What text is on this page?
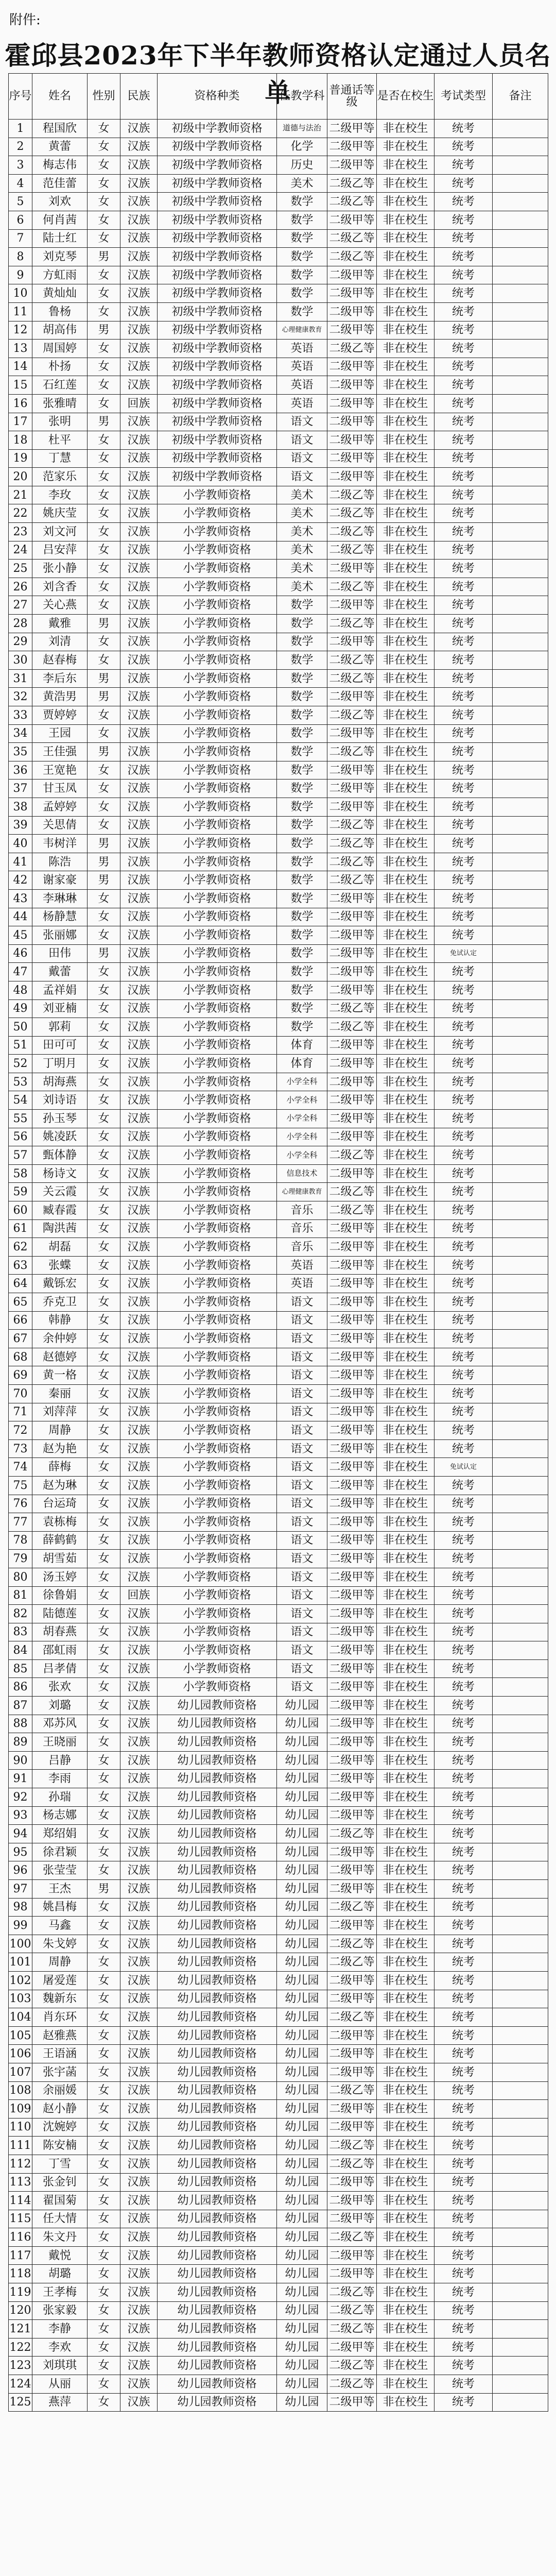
附件:
霍邱县2023年下半年教师资格认定通过人员名单
序号	姓名	性别	民族	资格种类	任教学科	普通话等级	是否在校生	考试类型	备注
1	程国欣	女	汉族	初级中学教师资格	道德与法治	二级甲等	非在校生	统考	
2	黄蕾	女	汉族	初级中学教师资格	化学	二级甲等	非在校生	统考	
3	梅志伟	女	汉族	初级中学教师资格	历史	二级甲等	非在校生	统考	
4	范佳蕾	女	汉族	初级中学教师资格	美术	二级乙等	非在校生	统考	
5	刘欢	女	汉族	初级中学教师资格	数学	二级乙等	非在校生	统考	
6	何肖茜	女	汉族	初级中学教师资格	数学	二级甲等	非在校生	统考	
7	陆士红	女	汉族	初级中学教师资格	数学	二级乙等	非在校生	统考	
8	刘克琴	男	汉族	初级中学教师资格	数学	二级乙等	非在校生	统考	
9	方虹雨	女	汉族	初级中学教师资格	数学	二级甲等	非在校生	统考	
10	黄灿灿	女	汉族	初级中学教师资格	数学	二级甲等	非在校生	统考	
11	鲁杨	女	汉族	初级中学教师资格	数学	二级甲等	非在校生	统考	
12	胡高伟	男	汉族	初级中学教师资格	心理健康教育	二级甲等	非在校生	统考	
13	周国婷	女	汉族	初级中学教师资格	英语	二级乙等	非在校生	统考	
14	朴扬	女	汉族	初级中学教师资格	英语	二级甲等	非在校生	统考	
15	石红莲	女	汉族	初级中学教师资格	英语	二级甲等	非在校生	统考	
16	张雅晴	女	回族	初级中学教师资格	英语	二级甲等	非在校生	统考	
17	张明	男	汉族	初级中学教师资格	语文	二级甲等	非在校生	统考	
18	杜平	女	汉族	初级中学教师资格	语文	二级甲等	非在校生	统考	
19	丁慧	女	汉族	初级中学教师资格	语文	二级甲等	非在校生	统考	
20	范家乐	女	汉族	初级中学教师资格	语文	二级甲等	非在校生	统考	
21	李玫	女	汉族	小学教师资格	美术	二级乙等	非在校生	统考	
22	姚庆莹	女	汉族	小学教师资格	美术	二级乙等	非在校生	统考	
23	刘文河	女	汉族	小学教师资格	美术	二级乙等	非在校生	统考	
24	吕安萍	女	汉族	小学教师资格	美术	二级乙等	非在校生	统考	
25	张小静	女	汉族	小学教师资格	美术	二级甲等	非在校生	统考	
26	刘含香	女	汉族	小学教师资格	美术	二级乙等	非在校生	统考	
27	关心燕	女	汉族	小学教师资格	数学	二级甲等	非在校生	统考	
28	戴雅	男	汉族	小学教师资格	数学	二级乙等	非在校生	统考	
29	刘清	女	汉族	小学教师资格	数学	二级甲等	非在校生	统考	
30	赵春梅	女	汉族	小学教师资格	数学	二级乙等	非在校生	统考	
31	李后东	男	汉族	小学教师资格	数学	二级乙等	非在校生	统考	
32	黄浩男	男	汉族	小学教师资格	数学	二级甲等	非在校生	统考	
33	贾婷婷	女	汉族	小学教师资格	数学	二级乙等	非在校生	统考	
34	王园	女	汉族	小学教师资格	数学	二级甲等	非在校生	统考	
35	王佳强	男	汉族	小学教师资格	数学	二级乙等	非在校生	统考	
36	王宽艳	女	汉族	小学教师资格	数学	二级甲等	非在校生	统考	
37	甘玉凤	女	汉族	小学教师资格	数学	二级甲等	非在校生	统考	
38	孟婷婷	女	汉族	小学教师资格	数学	二级甲等	非在校生	统考	
39	关思倩	女	汉族	小学教师资格	数学	二级乙等	非在校生	统考	
40	韦树洋	男	汉族	小学教师资格	数学	二级乙等	非在校生	统考	
41	陈浩	男	汉族	小学教师资格	数学	二级乙等	非在校生	统考	
42	谢家豪	男	汉族	小学教师资格	数学	二级乙等	非在校生	统考	
43	李琳琳	女	汉族	小学教师资格	数学	二级甲等	非在校生	统考	
44	杨静慧	女	汉族	小学教师资格	数学	二级甲等	非在校生	统考	
45	张丽娜	女	汉族	小学教师资格	数学	二级甲等	非在校生	统考	
46	田伟	男	汉族	小学教师资格	数学	二级甲等	非在校生	免试认定	
47	戴蕾	女	汉族	小学教师资格	数学	二级甲等	非在校生	统考	
48	孟祥娟	女	汉族	小学教师资格	数学	二级甲等	非在校生	统考	
49	刘亚楠	女	汉族	小学教师资格	数学	二级乙等	非在校生	统考	
50	郭莉	女	汉族	小学教师资格	数学	二级乙等	非在校生	统考	
51	田可可	女	汉族	小学教师资格	体育	二级甲等	非在校生	统考	
52	丁明月	女	汉族	小学教师资格	体育	二级甲等	非在校生	统考	
53	胡海燕	女	汉族	小学教师资格	小学全科	二级甲等	非在校生	统考	
54	刘诗语	女	汉族	小学教师资格	小学全科	二级甲等	非在校生	统考	
55	孙玉琴	女	汉族	小学教师资格	小学全科	二级甲等	非在校生	统考	
56	姚凌跃	女	汉族	小学教师资格	小学全科	二级甲等	非在校生	统考	
57	甄体静	女	汉族	小学教师资格	小学全科	二级乙等	非在校生	统考	
58	杨诗文	女	汉族	小学教师资格	信息技术	二级甲等	非在校生	统考	
59	关云霞	女	汉族	小学教师资格	心理健康教育	二级乙等	非在校生	统考	
60	臧春霞	女	汉族	小学教师资格	音乐	二级乙等	非在校生	统考	
61	陶洪茜	女	汉族	小学教师资格	音乐	二级甲等	非在校生	统考	
62	胡磊	女	汉族	小学教师资格	音乐	二级甲等	非在校生	统考	
63	张蝶	女	汉族	小学教师资格	英语	二级甲等	非在校生	统考	
64	戴铄宏	女	汉族	小学教师资格	英语	二级甲等	非在校生	统考	
65	乔克卫	女	汉族	小学教师资格	语文	二级甲等	非在校生	统考	
66	韩静	女	汉族	小学教师资格	语文	二级甲等	非在校生	统考	
67	余仲婷	女	汉族	小学教师资格	语文	二级甲等	非在校生	统考	
68	赵德婷	女	汉族	小学教师资格	语文	二级甲等	非在校生	统考	
69	黄一格	女	汉族	小学教师资格	语文	二级甲等	非在校生	统考	
70	秦丽	女	汉族	小学教师资格	语文	二级甲等	非在校生	统考	
71	刘萍萍	女	汉族	小学教师资格	语文	二级甲等	非在校生	统考	
72	周静	女	汉族	小学教师资格	语文	二级甲等	非在校生	统考	
73	赵为艳	女	汉族	小学教师资格	语文	二级甲等	非在校生	统考	
74	薛梅	女	汉族	小学教师资格	语文	二级甲等	非在校生	免试认定	
75	赵为琳	女	汉族	小学教师资格	语文	二级甲等	非在校生	统考	
76	台运琦	女	汉族	小学教师资格	语文	二级甲等	非在校生	统考	
77	袁栋梅	女	汉族	小学教师资格	语文	二级甲等	非在校生	统考	
78	薛鹤鹤	女	汉族	小学教师资格	语文	二级甲等	非在校生	统考	
79	胡雪茹	女	汉族	小学教师资格	语文	二级甲等	非在校生	统考	
80	汤玉婷	女	汉族	小学教师资格	语文	二级甲等	非在校生	统考	
81	徐鲁娟	女	回族	小学教师资格	语文	二级甲等	非在校生	统考	
82	陆德莲	女	汉族	小学教师资格	语文	二级甲等	非在校生	统考	
83	胡春燕	女	汉族	小学教师资格	语文	二级甲等	非在校生	统考	
84	邵虹雨	女	汉族	小学教师资格	语文	二级甲等	非在校生	统考	
85	吕孝倩	女	汉族	小学教师资格	语文	二级甲等	非在校生	统考	
86	张欢	女	汉族	小学教师资格	语文	二级甲等	非在校生	统考	
87	刘璐	女	汉族	幼儿园教师资格	幼儿园	二级甲等	非在校生	统考	
88	邓苏风	女	汉族	幼儿园教师资格	幼儿园	二级甲等	非在校生	统考	
89	王晓丽	女	汉族	幼儿园教师资格	幼儿园	二级甲等	非在校生	统考	
90	吕静	女	汉族	幼儿园教师资格	幼儿园	二级甲等	非在校生	统考	
91	李雨	女	汉族	幼儿园教师资格	幼儿园	二级甲等	非在校生	统考	
92	孙瑞	女	汉族	幼儿园教师资格	幼儿园	二级甲等	非在校生	统考	
93	杨志娜	女	汉族	幼儿园教师资格	幼儿园	二级甲等	非在校生	统考	
94	郑绍娟	女	汉族	幼儿园教师资格	幼儿园	二级乙等	非在校生	统考	
95	徐君颖	女	汉族	幼儿园教师资格	幼儿园	二级甲等	非在校生	统考	
96	张莹莹	女	汉族	幼儿园教师资格	幼儿园	二级甲等	非在校生	统考	
97	王杰	男	汉族	幼儿园教师资格	幼儿园	二级甲等	非在校生	统考	
98	姚昌梅	女	汉族	幼儿园教师资格	幼儿园	二级乙等	非在校生	统考	
99	马鑫	女	汉族	幼儿园教师资格	幼儿园	二级甲等	非在校生	统考	
100	朱戈婷	女	汉族	幼儿园教师资格	幼儿园	二级乙等	非在校生	统考	
101	周静	女	汉族	幼儿园教师资格	幼儿园	二级乙等	非在校生	统考	
102	屠爱莲	女	汉族	幼儿园教师资格	幼儿园	二级甲等	非在校生	统考	
103	魏新东	女	汉族	幼儿园教师资格	幼儿园	二级甲等	非在校生	统考	
104	肖东环	女	汉族	幼儿园教师资格	幼儿园	二级乙等	非在校生	统考	
105	赵雅燕	女	汉族	幼儿园教师资格	幼儿园	二级甲等	非在校生	统考	
106	王语涵	女	汉族	幼儿园教师资格	幼儿园	二级甲等	非在校生	统考	
107	张宇菡	女	汉族	幼儿园教师资格	幼儿园	二级甲等	非在校生	统考	
108	余丽媛	女	汉族	幼儿园教师资格	幼儿园	二级乙等	非在校生	统考	
109	赵小静	女	汉族	幼儿园教师资格	幼儿园	二级甲等	非在校生	统考	
110	沈婉婷	女	汉族	幼儿园教师资格	幼儿园	二级甲等	非在校生	统考	
111	陈安楠	女	汉族	幼儿园教师资格	幼儿园	二级乙等	非在校生	统考	
112	丁雪	女	汉族	幼儿园教师资格	幼儿园	二级乙等	非在校生	统考	
113	张金钊	女	汉族	幼儿园教师资格	幼儿园	二级甲等	非在校生	统考	
114	翟国菊	女	汉族	幼儿园教师资格	幼儿园	二级甲等	非在校生	统考	
115	任大情	女	汉族	幼儿园教师资格	幼儿园	二级甲等	非在校生	统考	
116	朱文丹	女	汉族	幼儿园教师资格	幼儿园	二级乙等	非在校生	统考	
117	戴悦	女	汉族	幼儿园教师资格	幼儿园	二级甲等	非在校生	统考	
118	胡璐	女	汉族	幼儿园教师资格	幼儿园	二级甲等	非在校生	统考	
119	王孝梅	女	汉族	幼儿园教师资格	幼儿园	二级乙等	非在校生	统考	
120	张家毅	女	汉族	幼儿园教师资格	幼儿园	二级乙等	非在校生	统考	
121	李静	女	汉族	幼儿园教师资格	幼儿园	二级乙等	非在校生	统考	
122	李欢	女	汉族	幼儿园教师资格	幼儿园	二级甲等	非在校生	统考	
123	刘琪琪	女	汉族	幼儿园教师资格	幼儿园	二级乙等	非在校生	统考	
124	从丽	女	汉族	幼儿园教师资格	幼儿园	二级乙等	非在校生	统考	
125	燕萍	女	汉族	幼儿园教师资格	幼儿园	二级甲等	非在校生	统考	
